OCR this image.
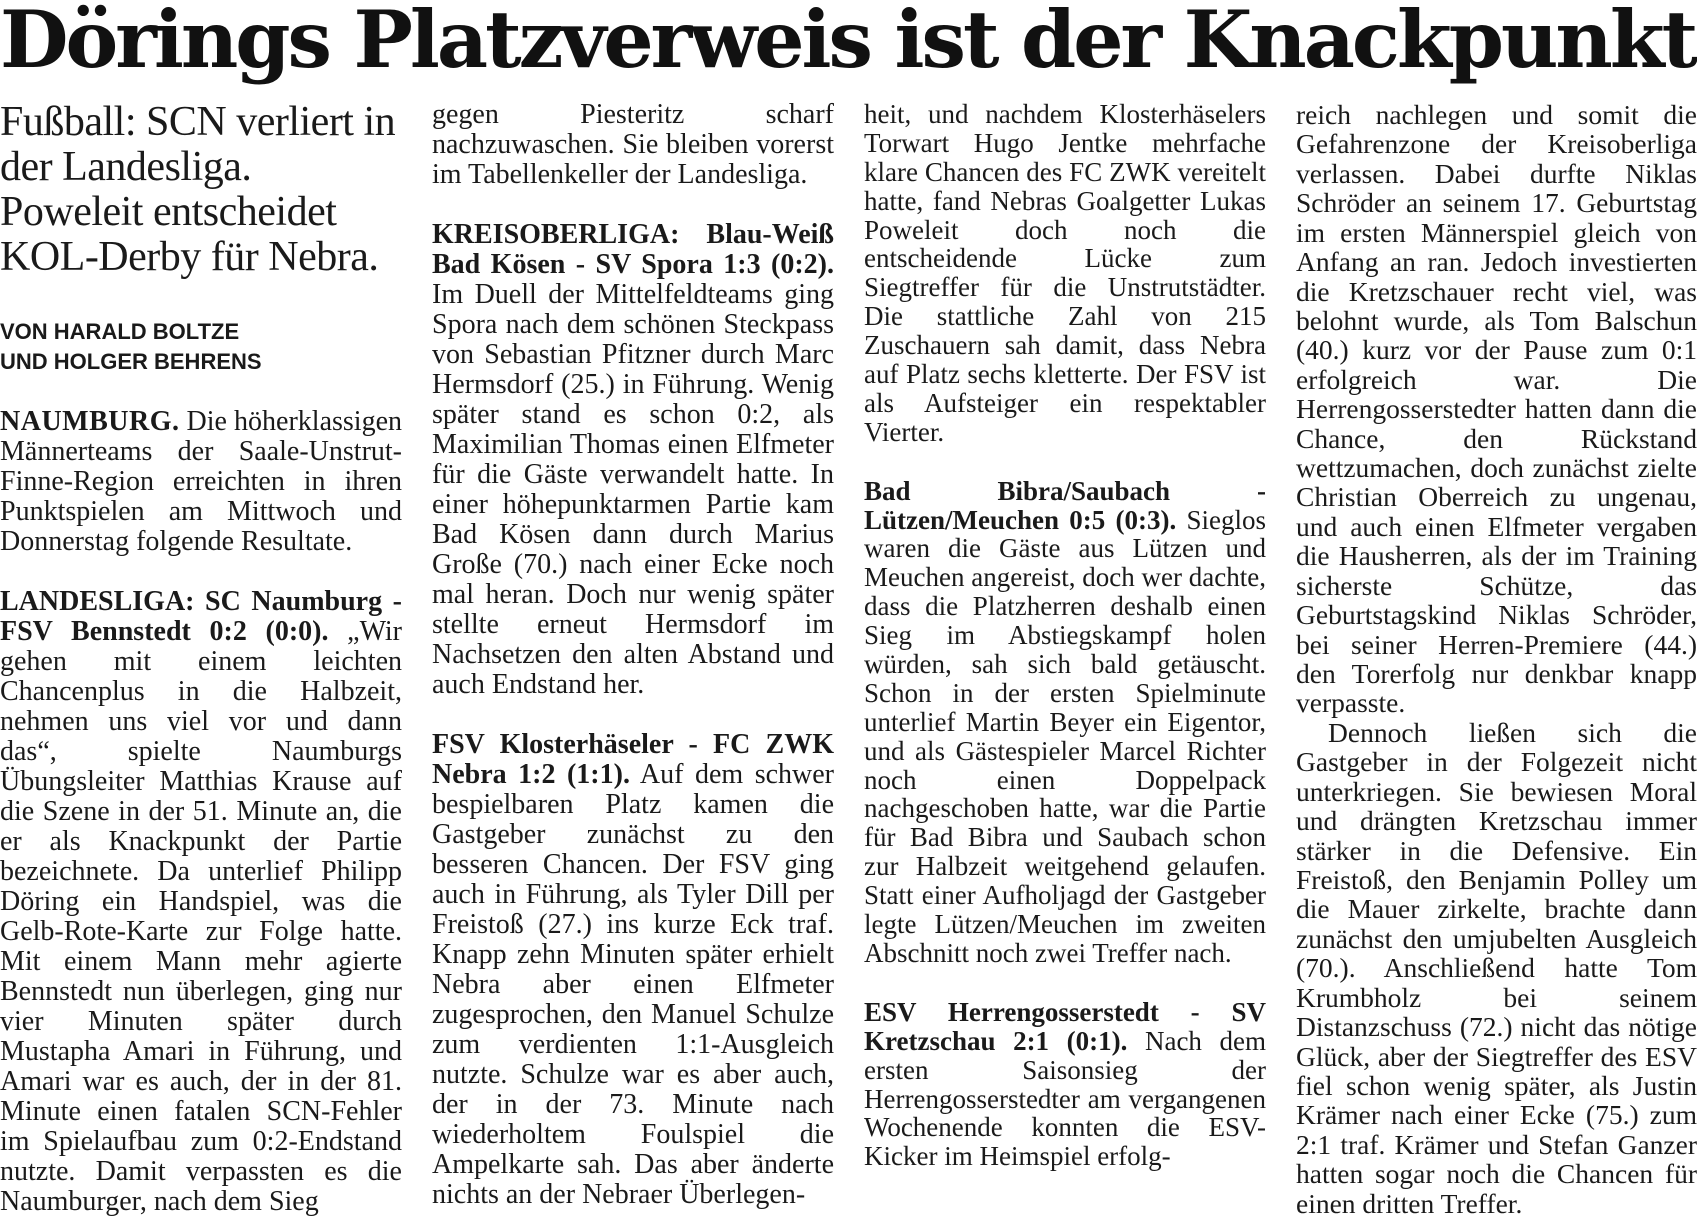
Dörings Platzverweis ist der Knackpunkt

Fußball: SCN verliert in der Landesliga. Poweleit entscheidet KOL-Derby für Nebra.

VON HARALD BOLTZE

UND HOLGER BEHRENS

NAUMBURG. Die höherklassigen Männerteams der Saale-Unstrut-Finne-Region erreichten in ihren Punktspielen am Mittwoch und Donnerstag folgende Resultate.

LANDESLIGA: SC Naumburg - FSV Bennstedt 0:2 (0:0). „Wir gehen mit einem leichten Chancenplus in die Halbzeit, nehmen uns viel vor und dann das“, spielte Naumburgs Übungsleiter Matthias Krause auf die Szene in der 51. Minute an, die er als Knackpunkt der Partie bezeichnete. Da unterlief Philipp Döring ein Handspiel, was die Gelb-Rote-Karte zur Folge hatte. Mit einem Mann mehr agierte Bennstedt nun überlegen, ging nur vier Minuten später durch Mustapha Amari in Führung, und Amari war es auch, der in der 81. Minute einen fatalen SCN-Fehler im Spielaufbau zum 0:2-Endstand nutzte. Damit verpassten es die Naumburger, nach dem Sieg

gegen Piesteritz scharf nachzuwaschen. Sie bleiben vorerst im Tabellenkeller der Landesliga.

KREISOBERLIGA: Blau-Weiß Bad Kösen - SV Spora 1:3 (0:2). Im Duell der Mittelfeldteams ging Spora nach dem schönen Steckpass von Sebastian Pfitzner durch Marc Hermsdorf (25.) in Führung. Wenig später stand es schon 0:2, als Maximilian Thomas einen Elfmeter für die Gäste verwandelt hatte. In einer höhepunktarmen Partie kam Bad Kösen dann durch Marius Große (70.) nach einer Ecke noch mal heran. Doch nur wenig später stellte erneut Hermsdorf im Nachsetzen den alten Abstand und auch Endstand her.

FSV Klosterhäseler - FC ZWK Nebra 1:2 (1:1). Auf dem schwer bespielbaren Platz kamen die Gastgeber zunächst zu den besseren Chancen. Der FSV ging auch in Führung, als Tyler Dill per Freistoß (27.) ins kurze Eck traf. Knapp zehn Minuten später erhielt Nebra aber einen Elfmeter zugesprochen, den Manuel Schulze zum verdienten 1:1-Ausgleich nutzte. Schulze war es aber auch, der in der 73. Minute nach wiederholtem Foulspiel die Ampelkarte sah. Das aber änderte nichts an der Nebraer Überlegen-

heit, und nachdem Klosterhäselers Torwart Hugo Jentke mehrfache klare Chancen des FC ZWK vereitelt hatte, fand Nebras Goalgetter Lukas Poweleit doch noch die entscheidende Lücke zum Siegtreffer für die Unstrutstädter. Die stattliche Zahl von 215 Zuschauern sah damit, dass Nebra auf Platz sechs kletterte. Der FSV ist als Aufsteiger ein respektabler Vierter.

Bad Bibra/Saubach - Lützen/Meuchen 0:5 (0:3). Sieglos waren die Gäste aus Lützen und Meuchen angereist, doch wer dachte, dass die Platzherren deshalb einen Sieg im Abstiegskampf holen würden, sah sich bald getäuscht. Schon in der ersten Spielminute unterlief Martin Beyer ein Eigentor, und als Gästespieler Marcel Richter noch einen Doppelpack nachgeschoben hatte, war die Partie für Bad Bibra und Saubach schon zur Halbzeit weitgehend gelaufen. Statt einer Aufholjagd der Gastgeber legte Lützen/Meuchen im zweiten Abschnitt noch zwei Treffer nach.

ESV Herrengosserstedt - SV Kretzschau 2:1 (0:1). Nach dem ersten Saisonsieg der Herrengosserstedter am vergangenen Wochenende konnten die ESV-Kicker im Heimspiel erfolg-

reich nachlegen und somit die Gefahrenzone der Kreisoberliga verlassen. Dabei durfte Niklas Schröder an seinem 17. Geburtstag im ersten Männerspiel gleich von Anfang an ran. Jedoch investierten die Kretzschauer recht viel, was belohnt wurde, als Tom Balschun (40.) kurz vor der Pause zum 0:1 erfolgreich war. Die Herrengosserstedter hatten dann die Chance, den Rückstand wettzumachen, doch zunächst zielte Christian Oberreich zu ungenau, und auch einen Elfmeter vergaben die Hausherren, als der im Training sicherste Schütze, das Geburtstagskind Niklas Schröder, bei seiner Herren-Premiere (44.) den Torerfolg nur denkbar knapp verpasste.

Dennoch ließen sich die Gastgeber in der Folgezeit nicht unterkriegen. Sie bewiesen Moral und drängten Kretzschau immer stärker in die Defensive. Ein Freistoß, den Benjamin Polley um die Mauer zirkelte, brachte dann zunächst den umjubelten Ausgleich (70.). Anschließend hatte Tom Krumbholz bei seinem Distanzschuss (72.) nicht das nötige Glück, aber der Siegtreffer des ESV fiel schon wenig später, als Justin Krämer nach einer Ecke (75.) zum 2:1 traf. Krämer und Stefan Ganzer hatten sogar noch die Chancen für einen dritten Treffer.
